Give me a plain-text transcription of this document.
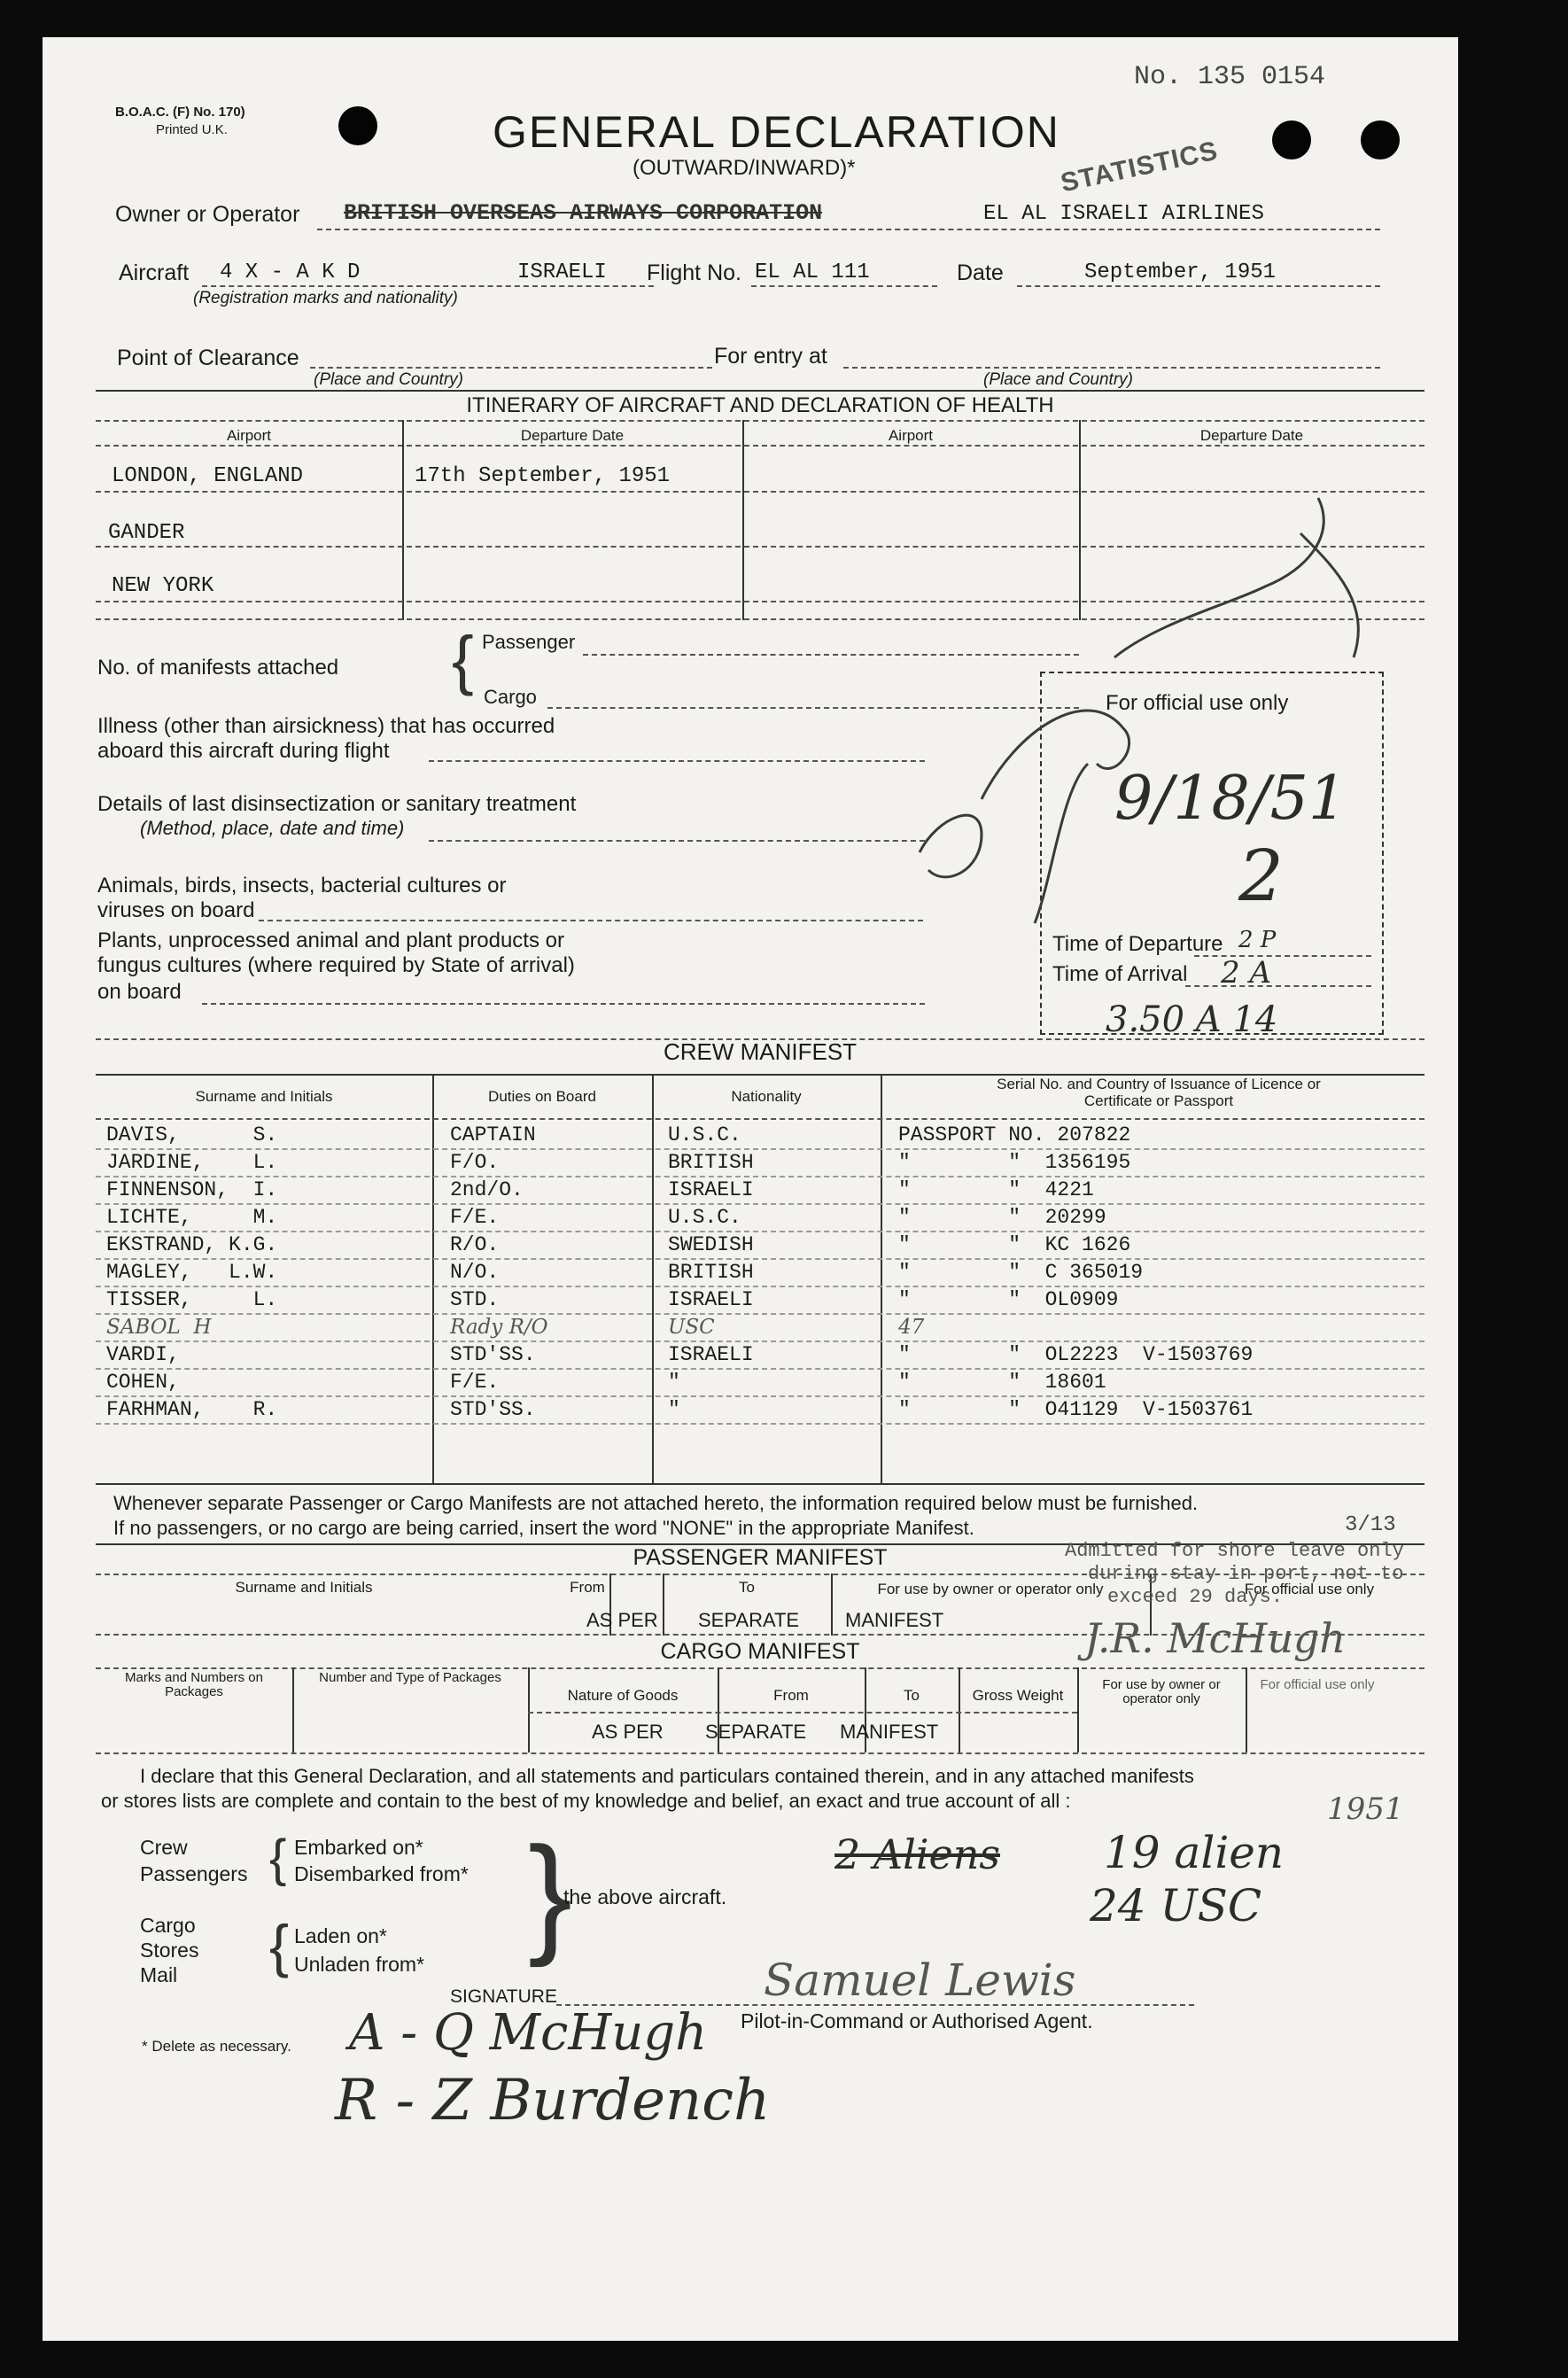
No. 135 0154
B.O.A.C. (F) No. 170)
Printed U.K.	GENERAL DECLARATION
(OUTWARD/INWARD)*	STATISTICS
Owner or Operator BRITISH OVERSEAS AIRWAYS CORPORATION	EL AL ISRAELI AIRLINES
Aircraft 4 X - A K D	ISRAELI Flight No. EL AL 111	Date	September, 1951
(Registration marks and nationality)
Point of Clearance
(Place and Country)
For entry at
(Place and Country)
ITINERARY OF AIRCRAFT AND DECLARATION OF HEALTH
Airport	Departure Date	Airport	Departure Date
LONDON, ENGLAND	17th September, 1951
GANDER
NEW YORK
No. of manifests attached { Passenger
Cargo
Illness (other than airsickness) that has occurred
aboard this aircraft during flight
Details of last disinsectization or sanitary treatment
(Method, place, date and time)
Animals, birds, insects, bacterial cultures or
viruses on board
Plants, unprocessed animal and plant products or
fungus cultures (where required by State of arrival)
on board
For official use only
9/18/51
2
Time of Departure 2 P
Time of Arrival 2 A
3.50 A 14
CREW MANIFEST
Surname and Initials	Duties on Board	Nationality
Serial No. and Country of Issuance of Licence or Certificate or Passport
DAVIS,      S.	CAPTAIN	U.S.C.	PASSPORT NO. 207822
JARDINE,    L.	F/O.	BRITISH	"        "  1356195
FINNENSON,  I.	2nd/O.	ISRAELI	"        "  4221
LICHTE,     M.	F/E.	U.S.C.	"        "  20299
EKSTRAND, K.G.	R/O.	SWEDISH	"        "  KC 1626
MAGLEY,   L.W.	N/O.	BRITISH	"        "  C 365019
TISSER,     L.	STD.	ISRAELI	"        "  OL0909
SABOL  H	Rady R/O	USC	47
VARDI,	STD'SS.	ISRAELI	"        "  OL2223  V-1503769
COHEN,	F/E.	"	"        "  18601
FARHMAN,    R.	STD'SS.	"	"        "  O41129  V-1503761
Whenever separate Passenger or Cargo Manifests are not attached hereto, the information required below must be furnished.
If no passengers, or no cargo are being carried, insert the word "NONE" in the appropriate Manifest.	3/13
PASSENGER MANIFEST
Surname and Initials	From	To	For use by owner or operator only	For official use only
AS PER SEPARATE MANIFEST
Admitted for shore leave only
during stay in port, not to
exceed 29 days.
J.R. McHugh
CARGO MANIFEST
Marks and Numbers on Packages
Number and Type of Packages
Nature of Goods	From	To	Gross Weight
For use by owner or operator only
For official use only
AS PER SEPARATE MANIFEST
I declare that this General Declaration, and all statements and particulars contained therein, and in any attached manifests
or stores lists are complete and contain to the best of my knowledge and belief, an exact and true account of all :	1951
Crew
Passengers { Embarked on*
Disembarked from* }
the above aircraft.
Cargo
Stores
Mail { Laden on*
Unladen from*
2 Aliens 19 alien
24 USC
SIGNATURE	Samuel Lewis
Pilot-in-Command or Authorised Agent.
* Delete as necessary. A - Q McHugh
R - Z Burdench
